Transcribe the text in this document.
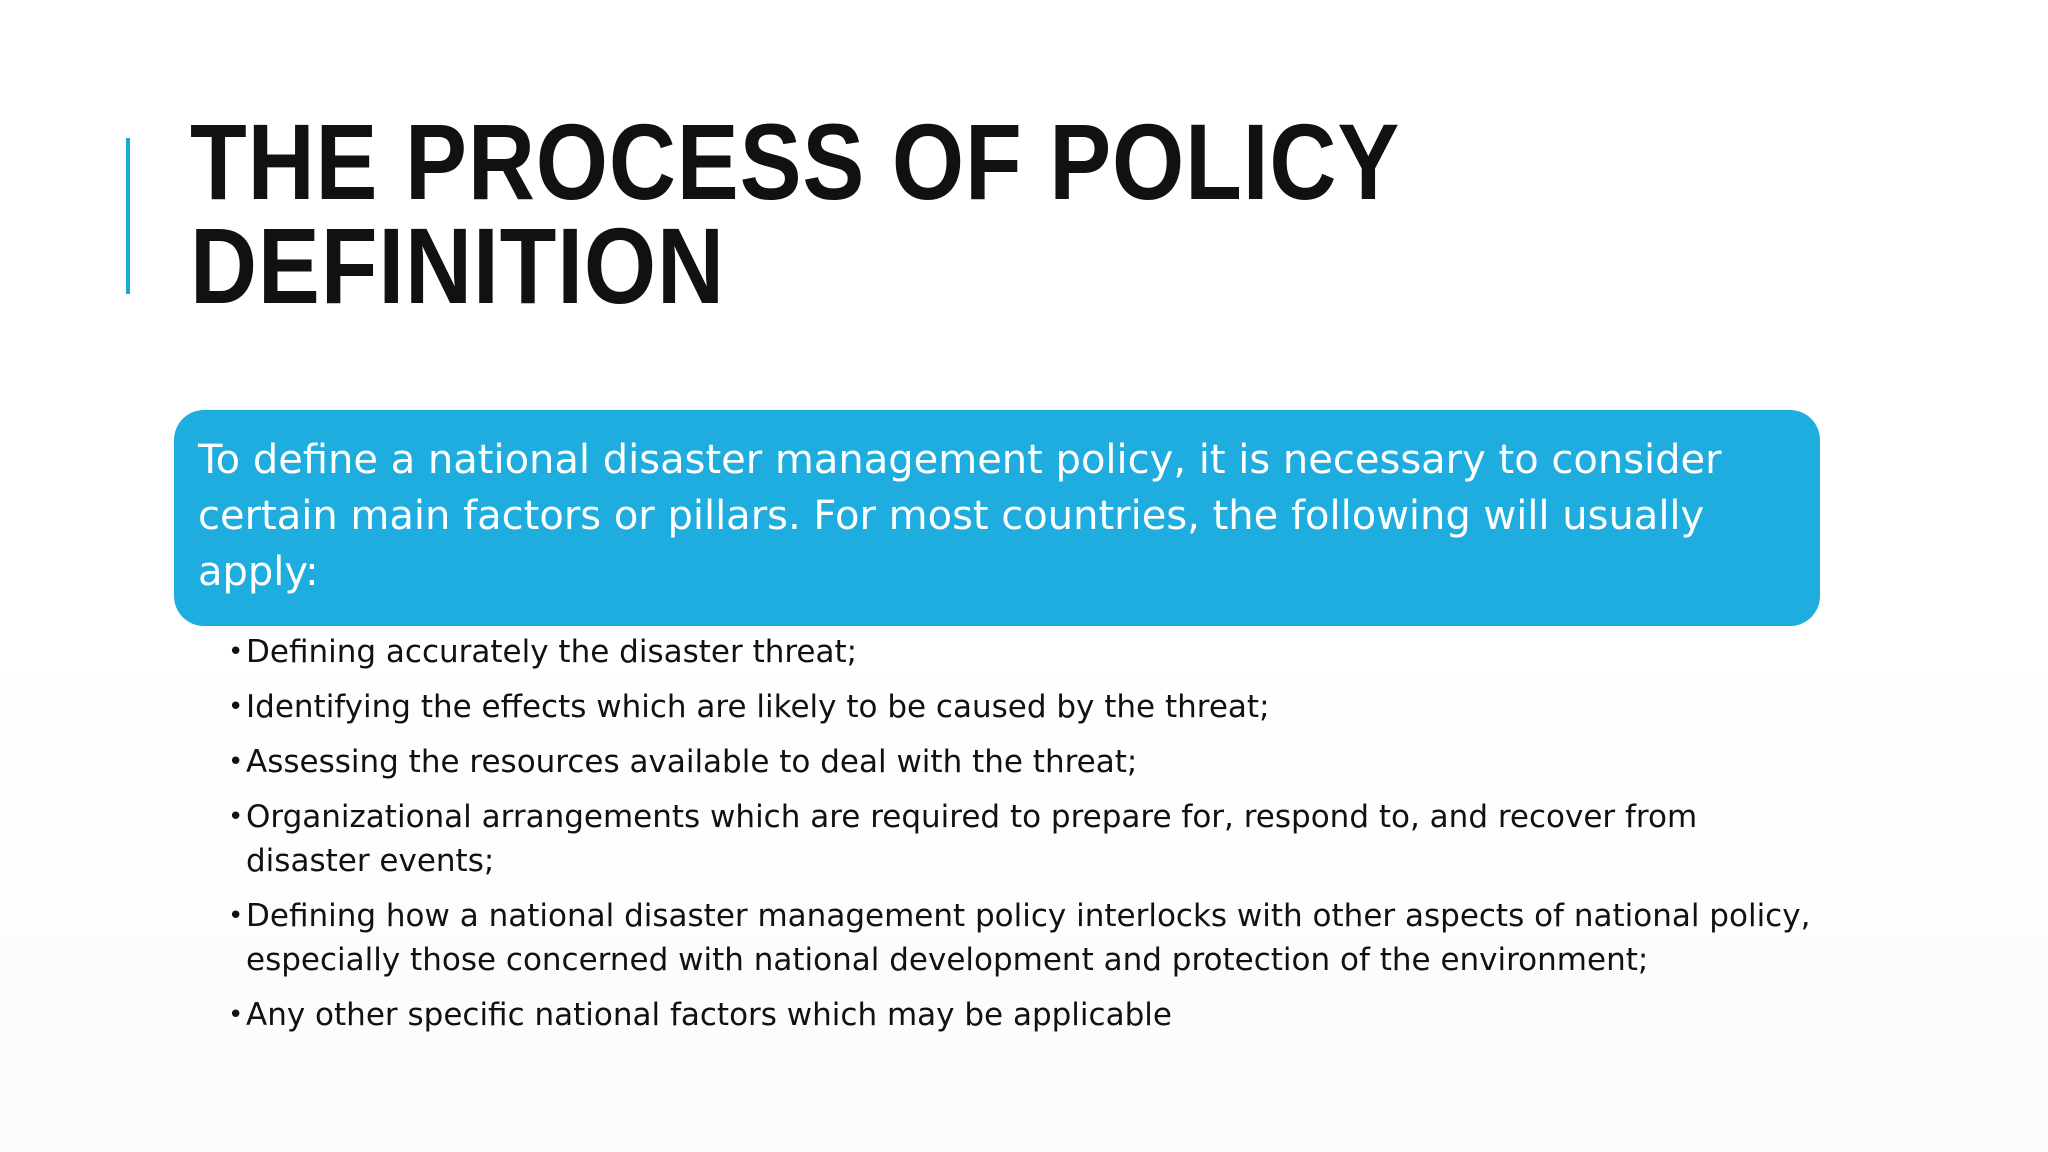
THE PROCESS OF POLICY
DEFINITION

To define a national disaster management policy, it is necessary to consider certain main factors or pillars. For most countries, the following will usually apply:

• Defining accurately the disaster threat;
• Identifying the effects which are likely to be caused by the threat;
• Assessing the resources available to deal with the threat;
• Organizational arrangements which are required to prepare for, respond to, and recover from disaster events;
• Defining how a national disaster management policy interlocks with other aspects of national policy, especially those concerned with national development and protection of the environment;
• Any other specific national factors which may be applicable
